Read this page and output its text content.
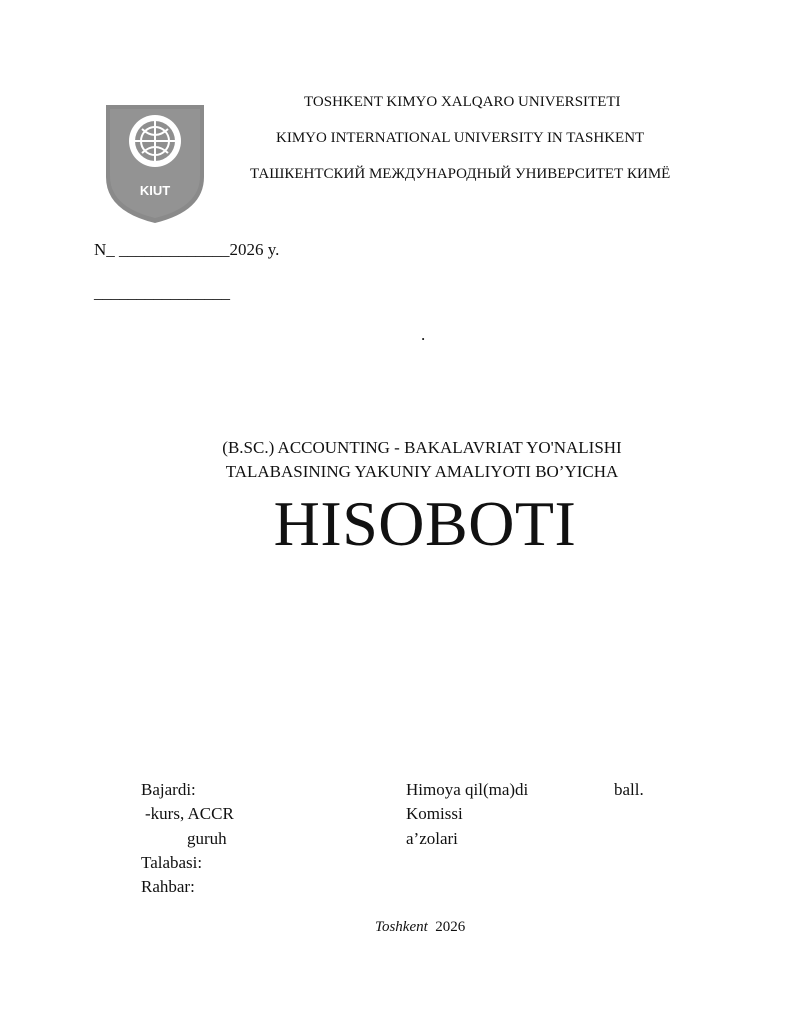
KIUT
TOSHKENT KIMYO XALQARO UNIVERSITETI
KIMYO INTERNATIONAL UNIVERSITY IN TASHKENT
ТАШКЕНТСКИЙ МЕЖДУНАРОДНЫЙ УНИВЕРСИТЕТ КИМЁ
N_ _____________2026 y.
________________
.
(B.SC.) ACCOUNTING - BAKALAVRIAT YO'NALISHI
TALABASINING YAKUNIY AMALIYOTI BO’YICHA
HISOBOTI
Bajardi:
-kurs, ACCR
guruh
Talabasi:
Rahbar:
Himoya qil(ma)di	ball.
Komissi
a’zolari
Toshkent 2026
